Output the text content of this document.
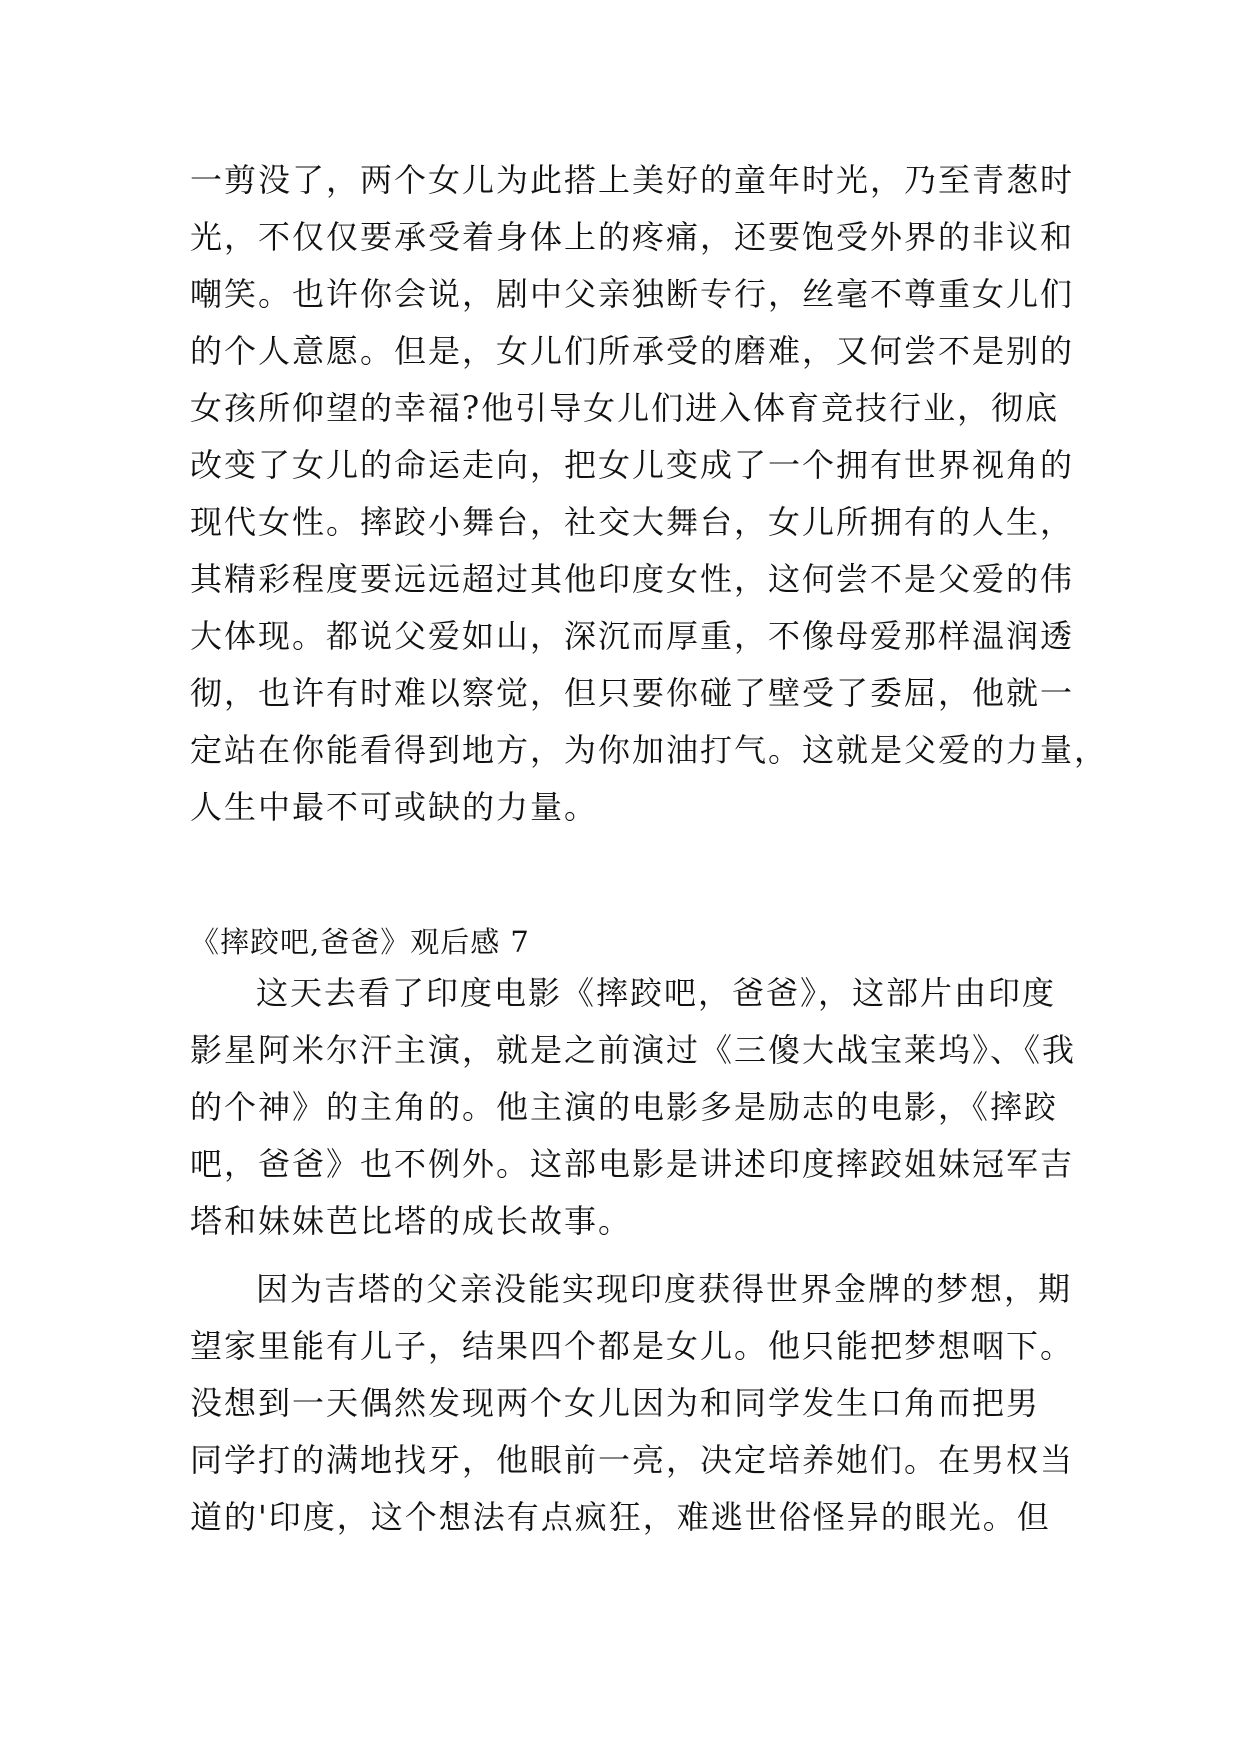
一剪没了，两个女儿为此搭上美好的童年时光，乃至青葱时
光，不仅仅要承受着身体上的疼痛，还要饱受外界的非议和
嘲笑。也许你会说，剧中父亲独断专行，丝毫不尊重女儿们
的个人意愿。但是，女儿们所承受的磨难，又何尝不是别的
女孩所仰望的幸福?他引导女儿们进入体育竞技行业，彻底
改变了女儿的命运走向，把女儿变成了一个拥有世界视角的
现代女性。摔跤小舞台，社交大舞台，女儿所拥有的人生，
其精彩程度要远远超过其他印度女性，这何尝不是父爱的伟
大体现。都说父爱如山，深沉而厚重，不像母爱那样温润透
彻，也许有时难以察觉，但只要你碰了壁受了委屈，他就一
定站在你能看得到地方，为你加油打气。这就是父爱的力量，
人生中最不可或缺的力量。
《摔跤吧,爸爸》观后感 7
这天去看了印度电影《摔跤吧，爸爸》，这部片由印度
影星阿米尔汗主演，就是之前演过《三傻大战宝莱坞》、《我
的个神》的主角的。他主演的电影多是励志的电影，《摔跤
吧，爸爸》也不例外。这部电影是讲述印度摔跤姐妹冠军吉
塔和妹妹芭比塔的成长故事。
因为吉塔的父亲没能实现印度获得世界金牌的梦想，期
望家里能有儿子，结果四个都是女儿。他只能把梦想咽下。
没想到一天偶然发现两个女儿因为和同学发生口角而把男
同学打的满地找牙，他眼前一亮，决定培养她们。在男权当
道的'印度，这个想法有点疯狂，难逃世俗怪异的眼光。但
